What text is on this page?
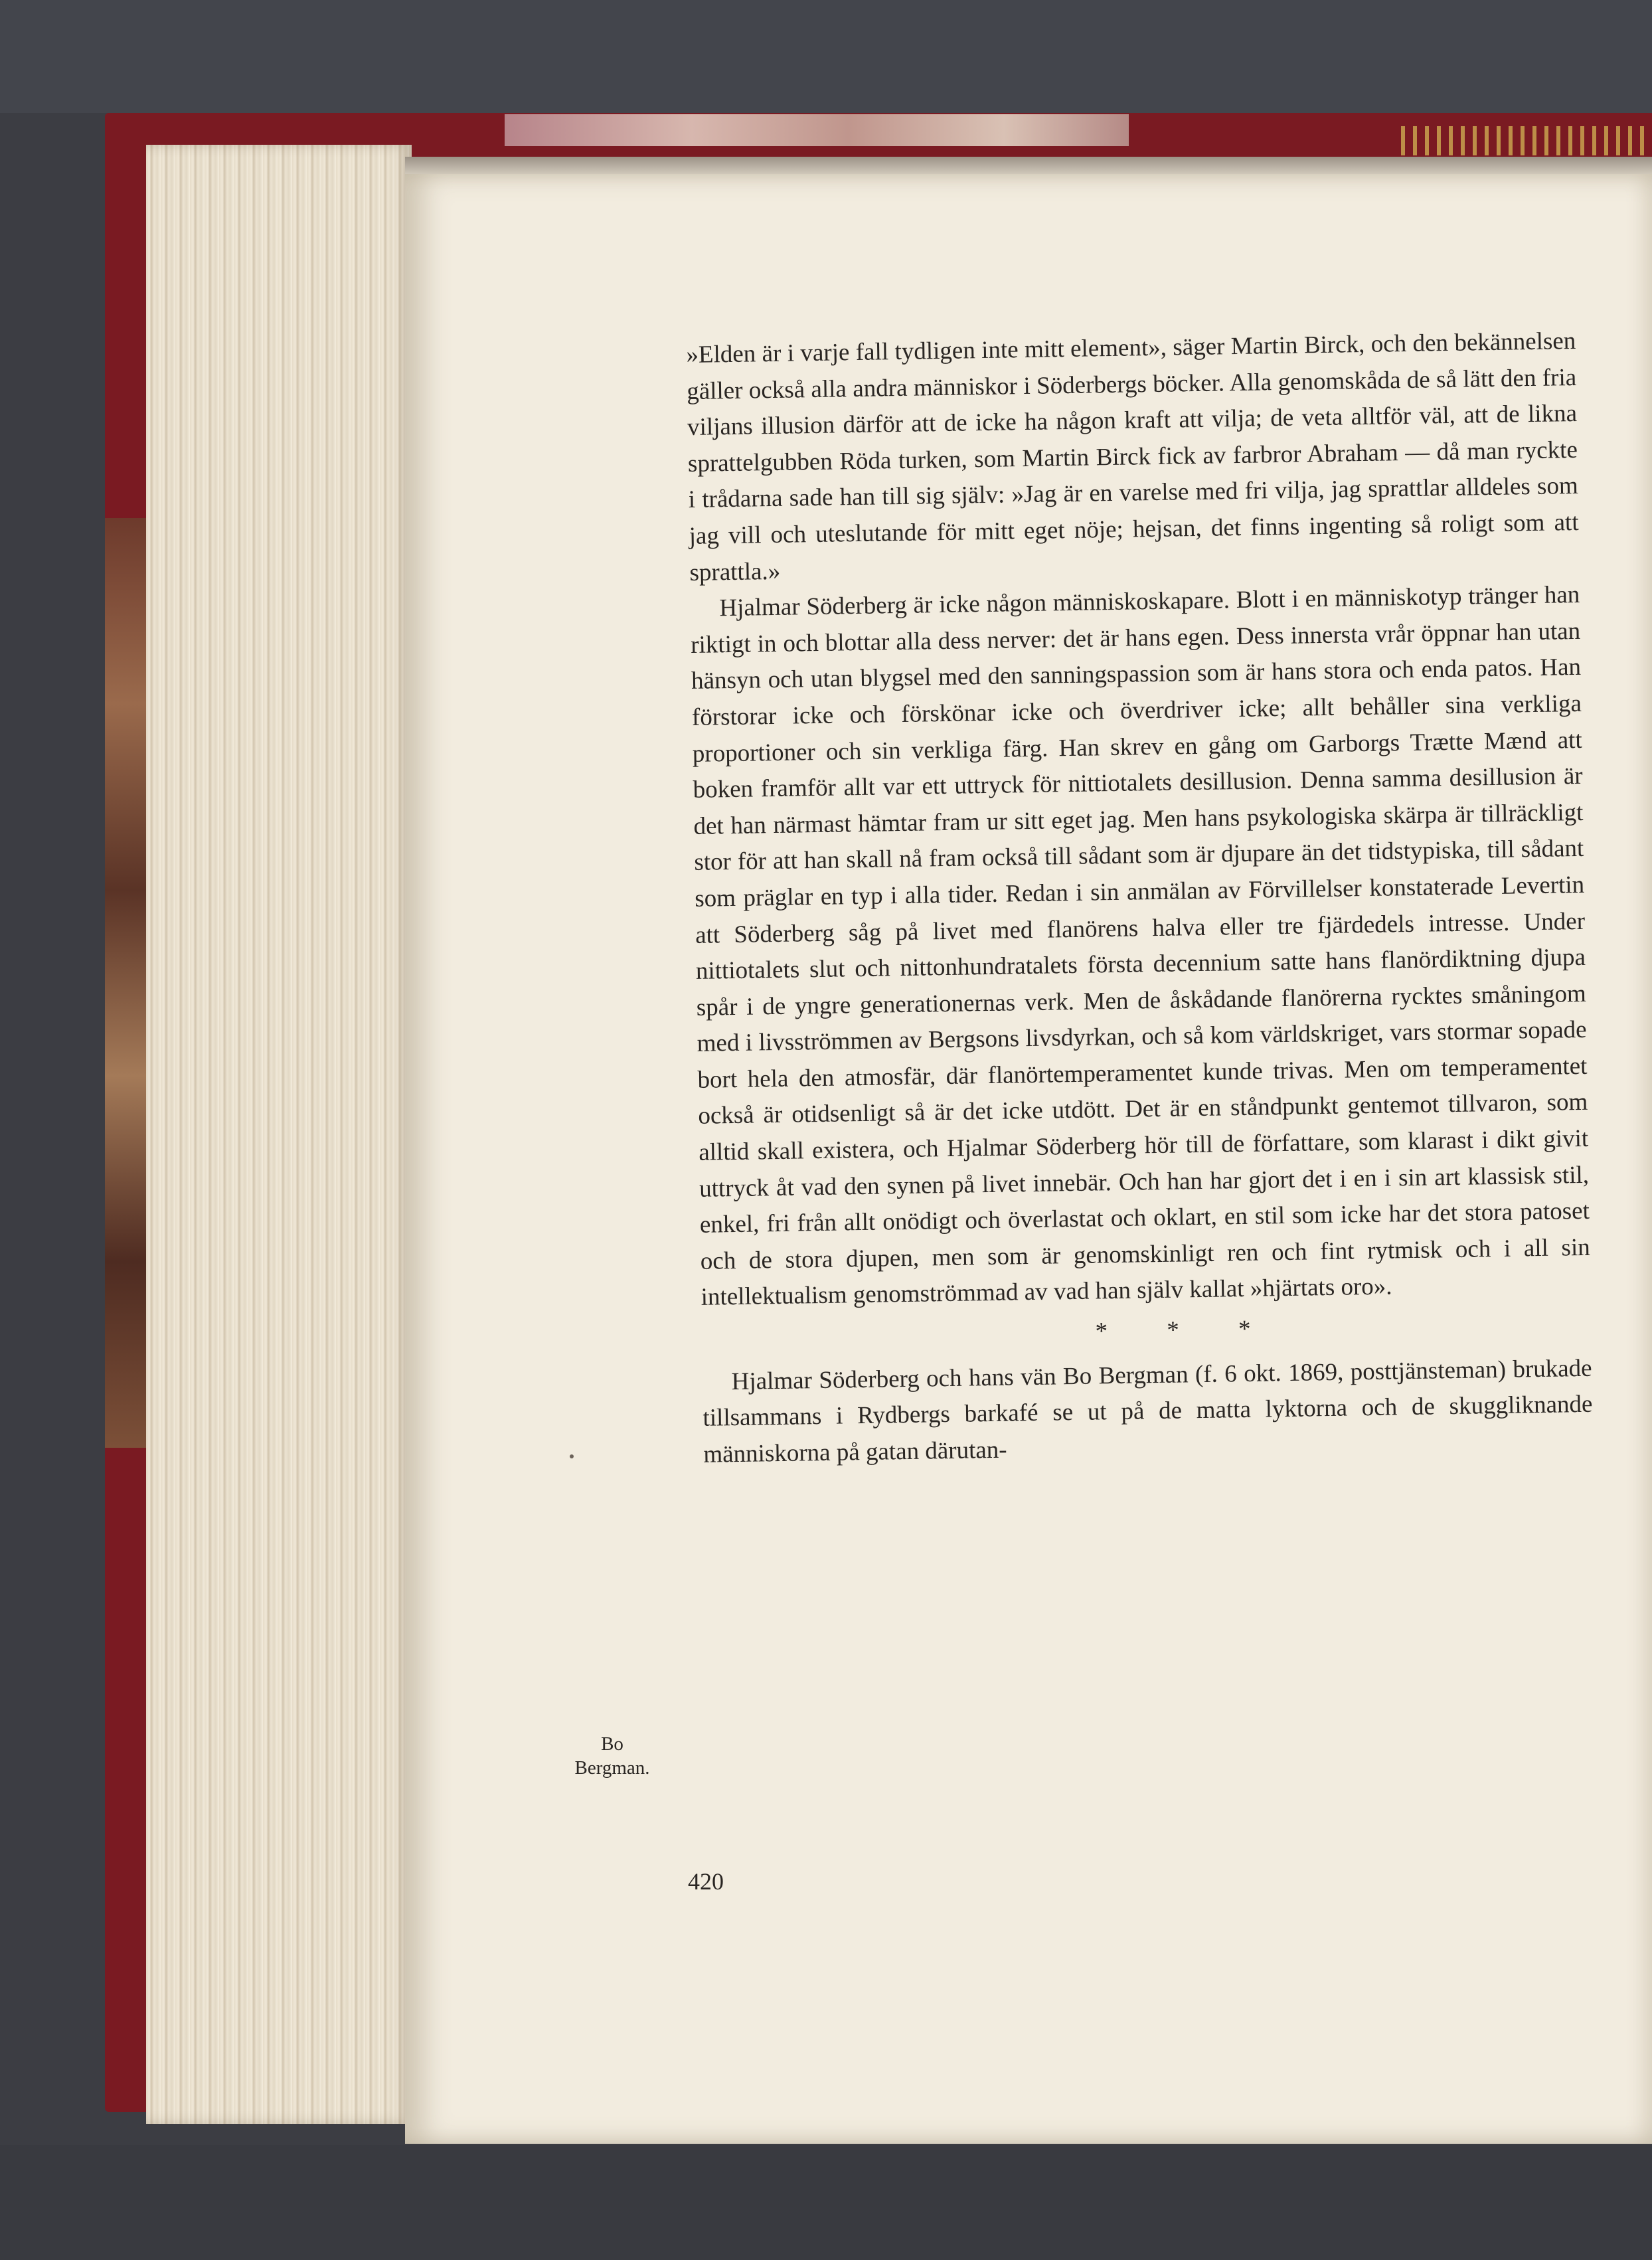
»Elden är i varje fall tydligen inte mitt element», säger Martin Birck, och den bekännelsen gäller också alla andra människor i Söderbergs böcker. Alla genomskåda de så lätt den fria viljans illusion därför att de icke ha någon kraft att vilja; de veta alltför väl, att de likna sprattelgubben Röda turken, som Martin Birck fick av farbror Abraham — då man ryckte i trådarna sade han till sig själv: »Jag är en varelse med fri vilja, jag sprattlar alldeles som jag vill och uteslutande för mitt eget nöje; hejsan, det finns ingenting så roligt som att sprattla.»

Hjalmar Söderberg är icke någon människoskapare. Blott i en människotyp tränger han riktigt in och blottar alla dess nerver: det är hans egen. Dess innersta vrår öppnar han utan hänsyn och utan blygsel med den sanningspassion som är hans stora och enda patos. Han förstorar icke och förskönar icke och överdriver icke; allt behåller sina verkliga proportioner och sin verkliga färg. Han skrev en gång om Garborgs Trætte Mænd att boken framför allt var ett uttryck för nittiotalets desillusion. Denna samma desillusion är det han närmast hämtar fram ur sitt eget jag. Men hans psykologiska skärpa är tillräckligt stor för att han skall nå fram också till sådant som är djupare än det tidstypiska, till sådant som präglar en typ i alla tider. Redan i sin anmälan av Förvillelser konstaterade Levertin att Söderberg såg på livet med flanörens halva eller tre fjärdedels intresse. Under nittiotalets slut och nittonhundratalets första decennium satte hans flanördiktning djupa spår i de yngre generationernas verk. Men de åskådande flanörerna rycktes småningom med i livsströmmen av Bergsons livsdyrkan, och så kom världskriget, vars stormar sopade bort hela den atmosfär, där flanörtemperamentet kunde trivas. Men om temperamentet också är otidsenligt så är det icke utdött. Det är en ståndpunkt gentemot tillvaron, som alltid skall existera, och Hjalmar Söderberg hör till de författare, som klarast i dikt givit uttryck åt vad den synen på livet innebär. Och han har gjort det i en i sin art klassisk stil, enkel, fri från allt onödigt och överlastat och oklart, en stil som icke har det stora patoset och de stora djupen, men som är genomskinligt ren och fint rytmisk och i all sin intellektualism genomströmmad av vad han själv kallat »hjärtats oro».

* * *

Hjalmar Söderberg och hans vän Bo Bergman (f. 6 okt. 1869, posttjänsteman) brukade tillsammans i Rydbergs barkafé se ut på de matta lyktorna och de skuggliknande människorna på gatan därutan-

Bo Bergman.
420
